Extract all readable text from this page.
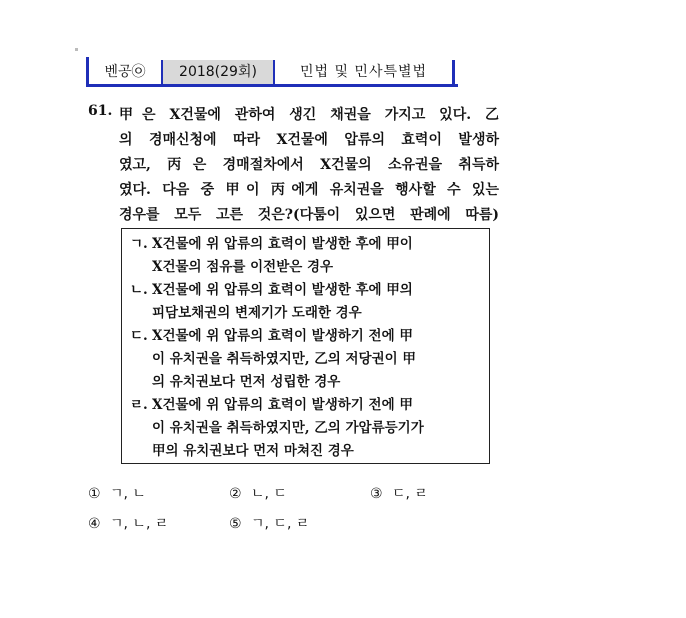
벤공㉧	2018(29회)	민법 및 민사특별법
61. 甲은 X건물에 관하여 생긴 채권을 가지고 있다. 乙
의 경매신청에 따라 X건물에 압류의 효력이 발생하
였고, 丙은 경매절차에서 X건물의 소유권을 취득하
였다. 다음 중 甲이 丙에게 유치권을 행사할 수 있는
경우를 모두 고른 것은?(다툼이 있으면 판례에 따름)
ㄱ. X건물에 위 압류의 효력이 발생한 후에 甲이
X건물의 점유를 이전받은 경우
ㄴ. X건물에 위 압류의 효력이 발생한 후에 甲의
피담보채권의 변제기가 도래한 경우
ㄷ. X건물에 위 압류의 효력이 발생하기 전에 甲
이 유치권을 취득하였지만, 乙의 저당권이 甲
의 유치권보다 먼저 성립한 경우
ㄹ. X건물에 위 압류의 효력이 발생하기 전에 甲
이 유치권을 취득하였지만, 乙의 가압류등기가
甲의 유치권보다 먼저 마쳐진 경우
① ㄱ, ㄴ	② ㄴ, ㄷ	③ ㄷ, ㄹ
④ ㄱ, ㄴ, ㄹ	⑤ ㄱ, ㄷ, ㄹ
